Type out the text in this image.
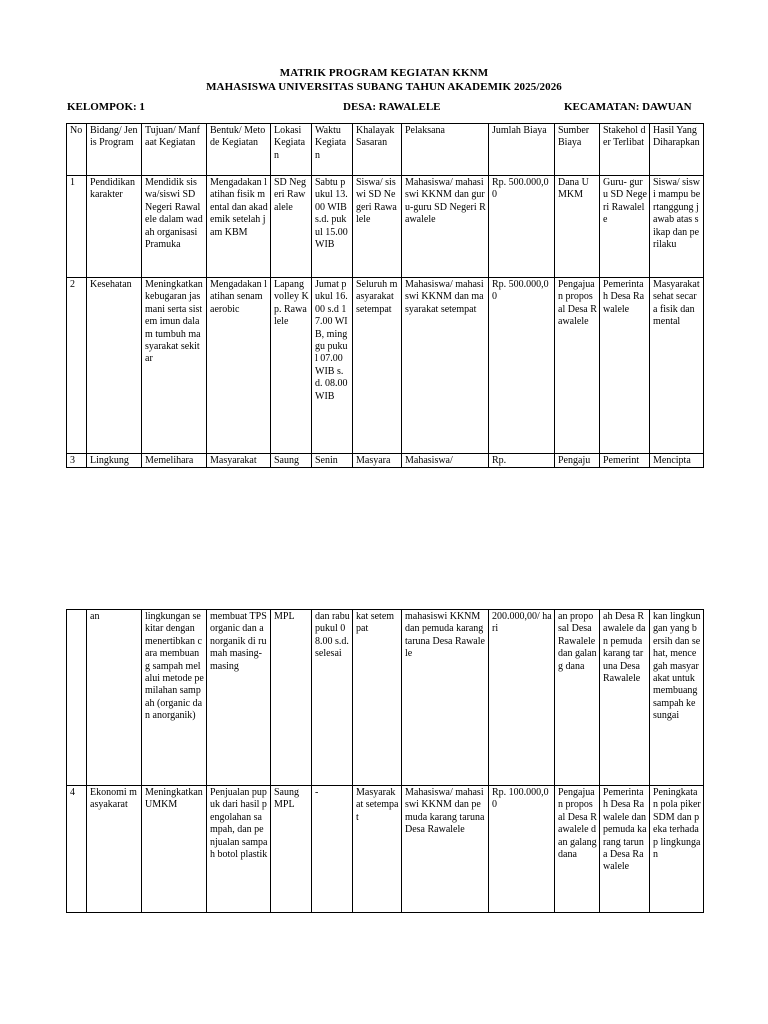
MATRIK PROGRAM KEGIATAN KKNM
MAHASISWA UNIVERSITAS SUBANG TAHUN AKADEMIK 2025/2026
KELOMPOK: 1	DESA: RAWALELE	KECAMATAN: DAWUAN
No	Bidang/ Jenis Program	Tujuan/ Manfaat Kegiatan	Bentuk/ Metode Kegiatan	Lokasi Kegiatan	Waktu Kegiatan	Khalayak Sasaran	Pelaksana	Jumlah Biaya	Sumber Biaya	Stakehol der Terlibat	Hasil Yang Diharapkan
1	Pendidikan karakter	Mendidik siswa/siswi SD Negeri Rawalele dalam wadah organisasi Pramuka	Mengadakan latihan fisik mental dan akademik setelah jam KBM	SD Negeri Rawalele	Sabtu pukul 13.00 WIB s.d. pukul 15.00 WIB	Siswa/ siswi SD Negeri Rawalele	Mahasiswa/ mahasiswi KKNM dan guru-guru SD Negeri Rawalele	Rp. 500.000,00	Dana UMKM	Guru- guru SD Negeri Rawalele	Siswa/ siswi mampu bertanggung jawab atas sikap dan perilaku
2	Kesehatan	Meningkatkan kebugaran jasmani serta sistem imun dalam tumbuh masyarakat sekitar	Mengadakan latihan senam aerobic	Lapang volley Kp. Rawalele	Jumat pukul 16.00 s.d 17.00 WIB, minggu pukul 07.00 WIB s.d. 08.00 WIB	Seluruh masyarakat setempat	Mahasiswa/ mahasiswi KKNM dan masyarakat setempat	Rp. 500.000,00	Pengajuan proposal Desa Rawalele	Pemerintah Desa Rawalele	Masyarakat sehat secara fisik dan mental
3	Lingkung	Memelihara	Masyarakat	Saung	Senin	Masyara	Mahasiswa/	Rp.	Pengaju	Pemerint	Mencipta
	an	lingkungan sekitar dengan menertibkan cara membuang sampah melalui metode pemilahan sampah (organic dan anorganik)	membuat TPS organic dan anorganik di rumah masing- masing	MPL	dan rabu pukul 08.00 s.d. selesai	kat setempat	mahasiswi KKNM dan pemuda karang taruna Desa Rawalele	200.000,00/ hari	an proposal Desa Rawalele dan galang dana	ah Desa Rawalele dan pemuda karang taruna Desa Rawalele	kan lingkungan yang bersih dan sehat, mencegah masyarakat untuk membuang sampah ke sungai
4	Ekonomi masyakarat	Meningkatkan UMKM	Penjualan pupuk dari hasil pengolahan sampah, dan penjualan sampah botol plastik	Saung MPL	-	Masyarakat setempat	Mahasiswa/ mahasiswi KKNM dan pemuda karang taruna Desa Rawalele	Rp. 100.000,00	Pengajuan proposal Desa Rawalele dan galang dana	Pemerintah Desa Rawalele dan pemuda karang taruna Desa Rawalele	Peningkatan pola piker SDM dan peka terhadap lingkungan
